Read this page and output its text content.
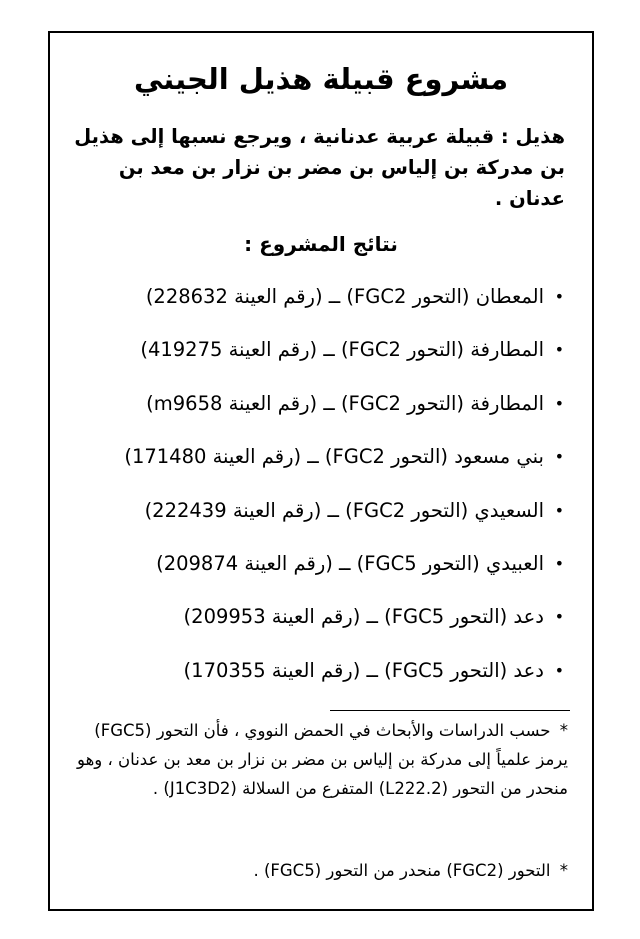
مشروع قبيلة هذيل الجيني

هذيل : قبيلة عربية عدنانية ، ويرجع نسبها إلى هذيل بن مدركة بن إلياس بن مضر بن نزار بن معد بن عدنان .

نتائج المشروع :
•
المعطان (التحور FGC2) ــ (رقم العينة 228632)
•
المطارفة (التحور FGC2) ــ (رقم العينة 419275)
•
المطارفة (التحور FGC2) ــ (رقم العينة m9658)
•
بني مسعود (التحور FGC2) ــ (رقم العينة 171480)
•
السعيدي (التحور FGC2) ــ (رقم العينة 222439)
•
العبيدي (التحور FGC5) ــ (رقم العينة 209874)
•
دعد (التحور FGC5) ــ (رقم العينة 209953)
•
دعد (التحور FGC5) ــ (رقم العينة 170355)

* حسب الدراسات والأبحاث في الحمض النووي ، فأن التحور (FGC5) يرمز علمياً إلى مدركة بن إلياس بن مضر بن نزار بن معد بن عدنان ، وهو منحدر من التحور (L222.2) المتفرع من السلالة (J1C3D2) .

* التحور (FGC2) منحدر من التحور (FGC5) .
